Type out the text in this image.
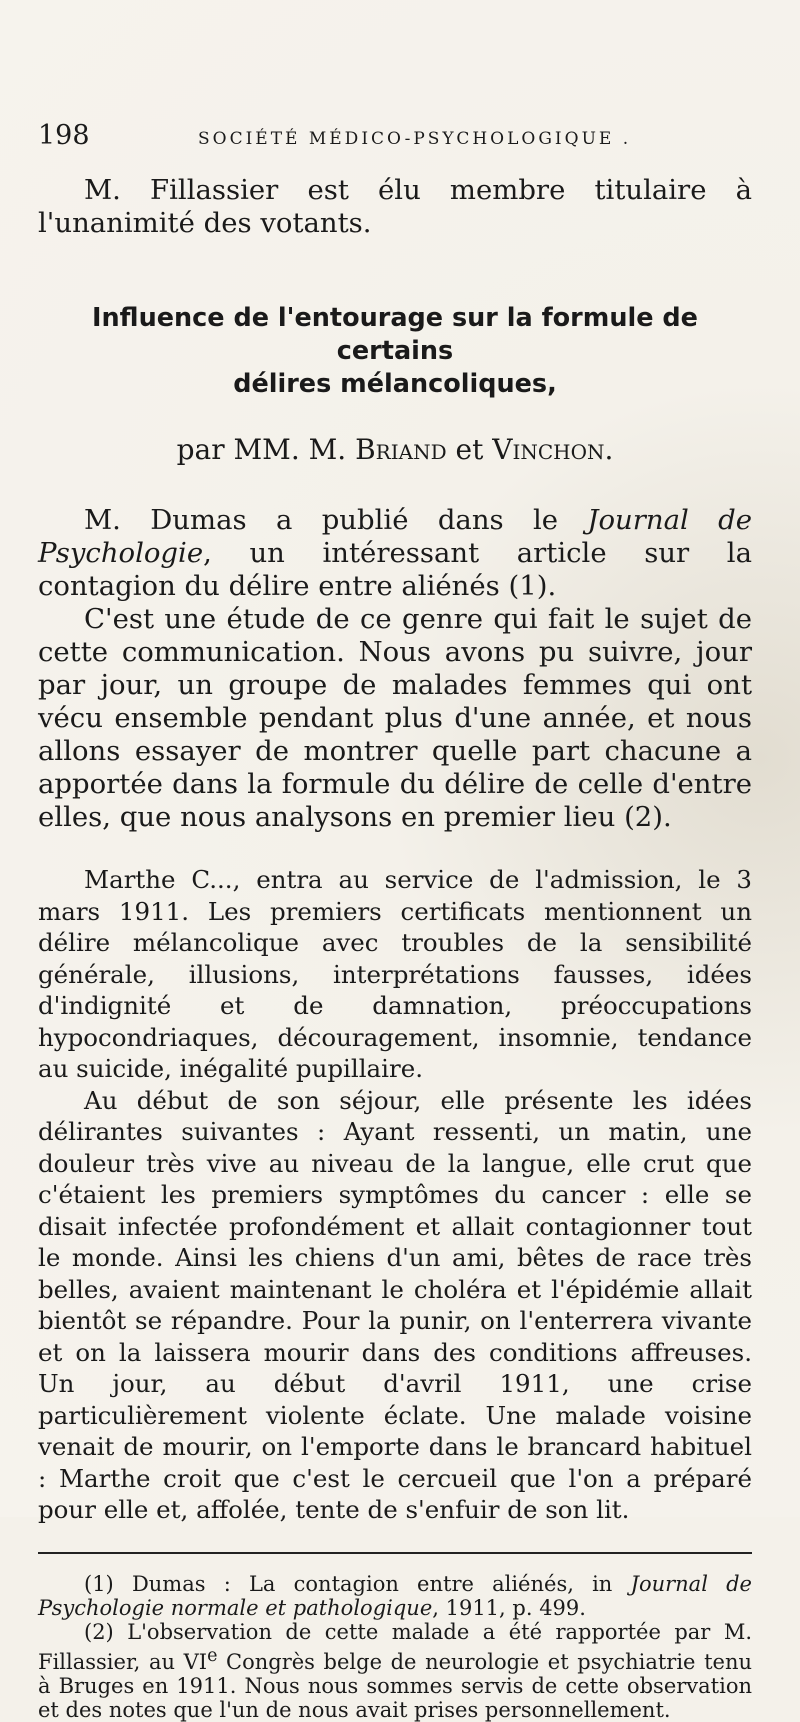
198	SOCIÉTÉ MÉDICO-PSYCHOLOGIQUE .

M. Fillassier est élu membre titulaire à l'unanimité des votants.

Influence de l'entourage sur la formule de certains
délires mélancoliques,
par MM. M. Briand et Vinchon.

M. Dumas a publié dans le Journal de Psychologie, un intéressant article sur la contagion du délire entre aliénés (1).

C'est une étude de ce genre qui fait le sujet de cette communication. Nous avons pu suivre, jour par jour, un groupe de malades femmes qui ont vécu ensemble pendant plus d'une année, et nous allons essayer de montrer quelle part chacune a apportée dans la formule du délire de celle d'entre elles, que nous analysons en premier lieu (2).

Marthe C..., entra au service de l'admission, le 3 mars 1911. Les premiers certificats mentionnent un délire mélancolique avec troubles de la sensibilité générale, illusions, interprétations fausses, idées d'indignité et de damnation, préoccupations hypocondriaques, découragement, insomnie, tendance au suicide, inégalité pupillaire.

Au début de son séjour, elle présente les idées délirantes suivantes : Ayant ressenti, un matin, une douleur très vive au niveau de la langue, elle crut que c'étaient les premiers symptômes du cancer : elle se disait infectée profondément et allait contagionner tout le monde. Ainsi les chiens d'un ami, bêtes de race très belles, avaient maintenant le choléra et l'épidémie allait bientôt se répandre. Pour la punir, on l'enterrera vivante et on la laissera mourir dans des conditions affreuses. Un jour, au début d'avril 1911, une crise particulièrement violente éclate. Une malade voisine venait de mourir, on l'emporte dans le brancard habituel : Marthe croit que c'est le cercueil que l'on a préparé pour elle et, affolée, tente de s'enfuir de son lit.

(1) Dumas : La contagion entre aliénés, in Journal de Psychologie normale et pathologique, 1911, p. 499.

(2) L'observation de cette malade a été rapportée par M. Fillassier, au VIe Congrès belge de neurologie et psychiatrie tenu à Bruges en 1911. Nous nous sommes servis de cette observation et des notes que l'un de nous avait prises personnellement.
